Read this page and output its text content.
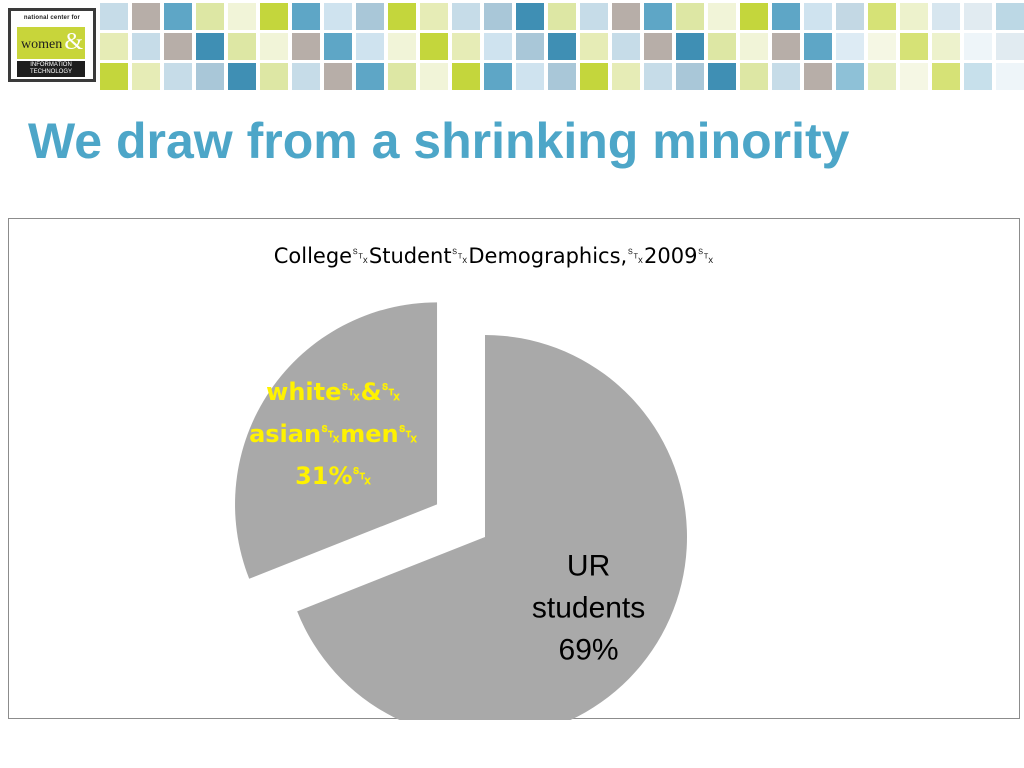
national center for
women &
INFORMATION
TECHNOLOGY
We draw from a shrinking minority
College␂Student␂Demographics,␂2009␂
UR students 69%
white␂&␂ asian␂men␂ 31%␂
